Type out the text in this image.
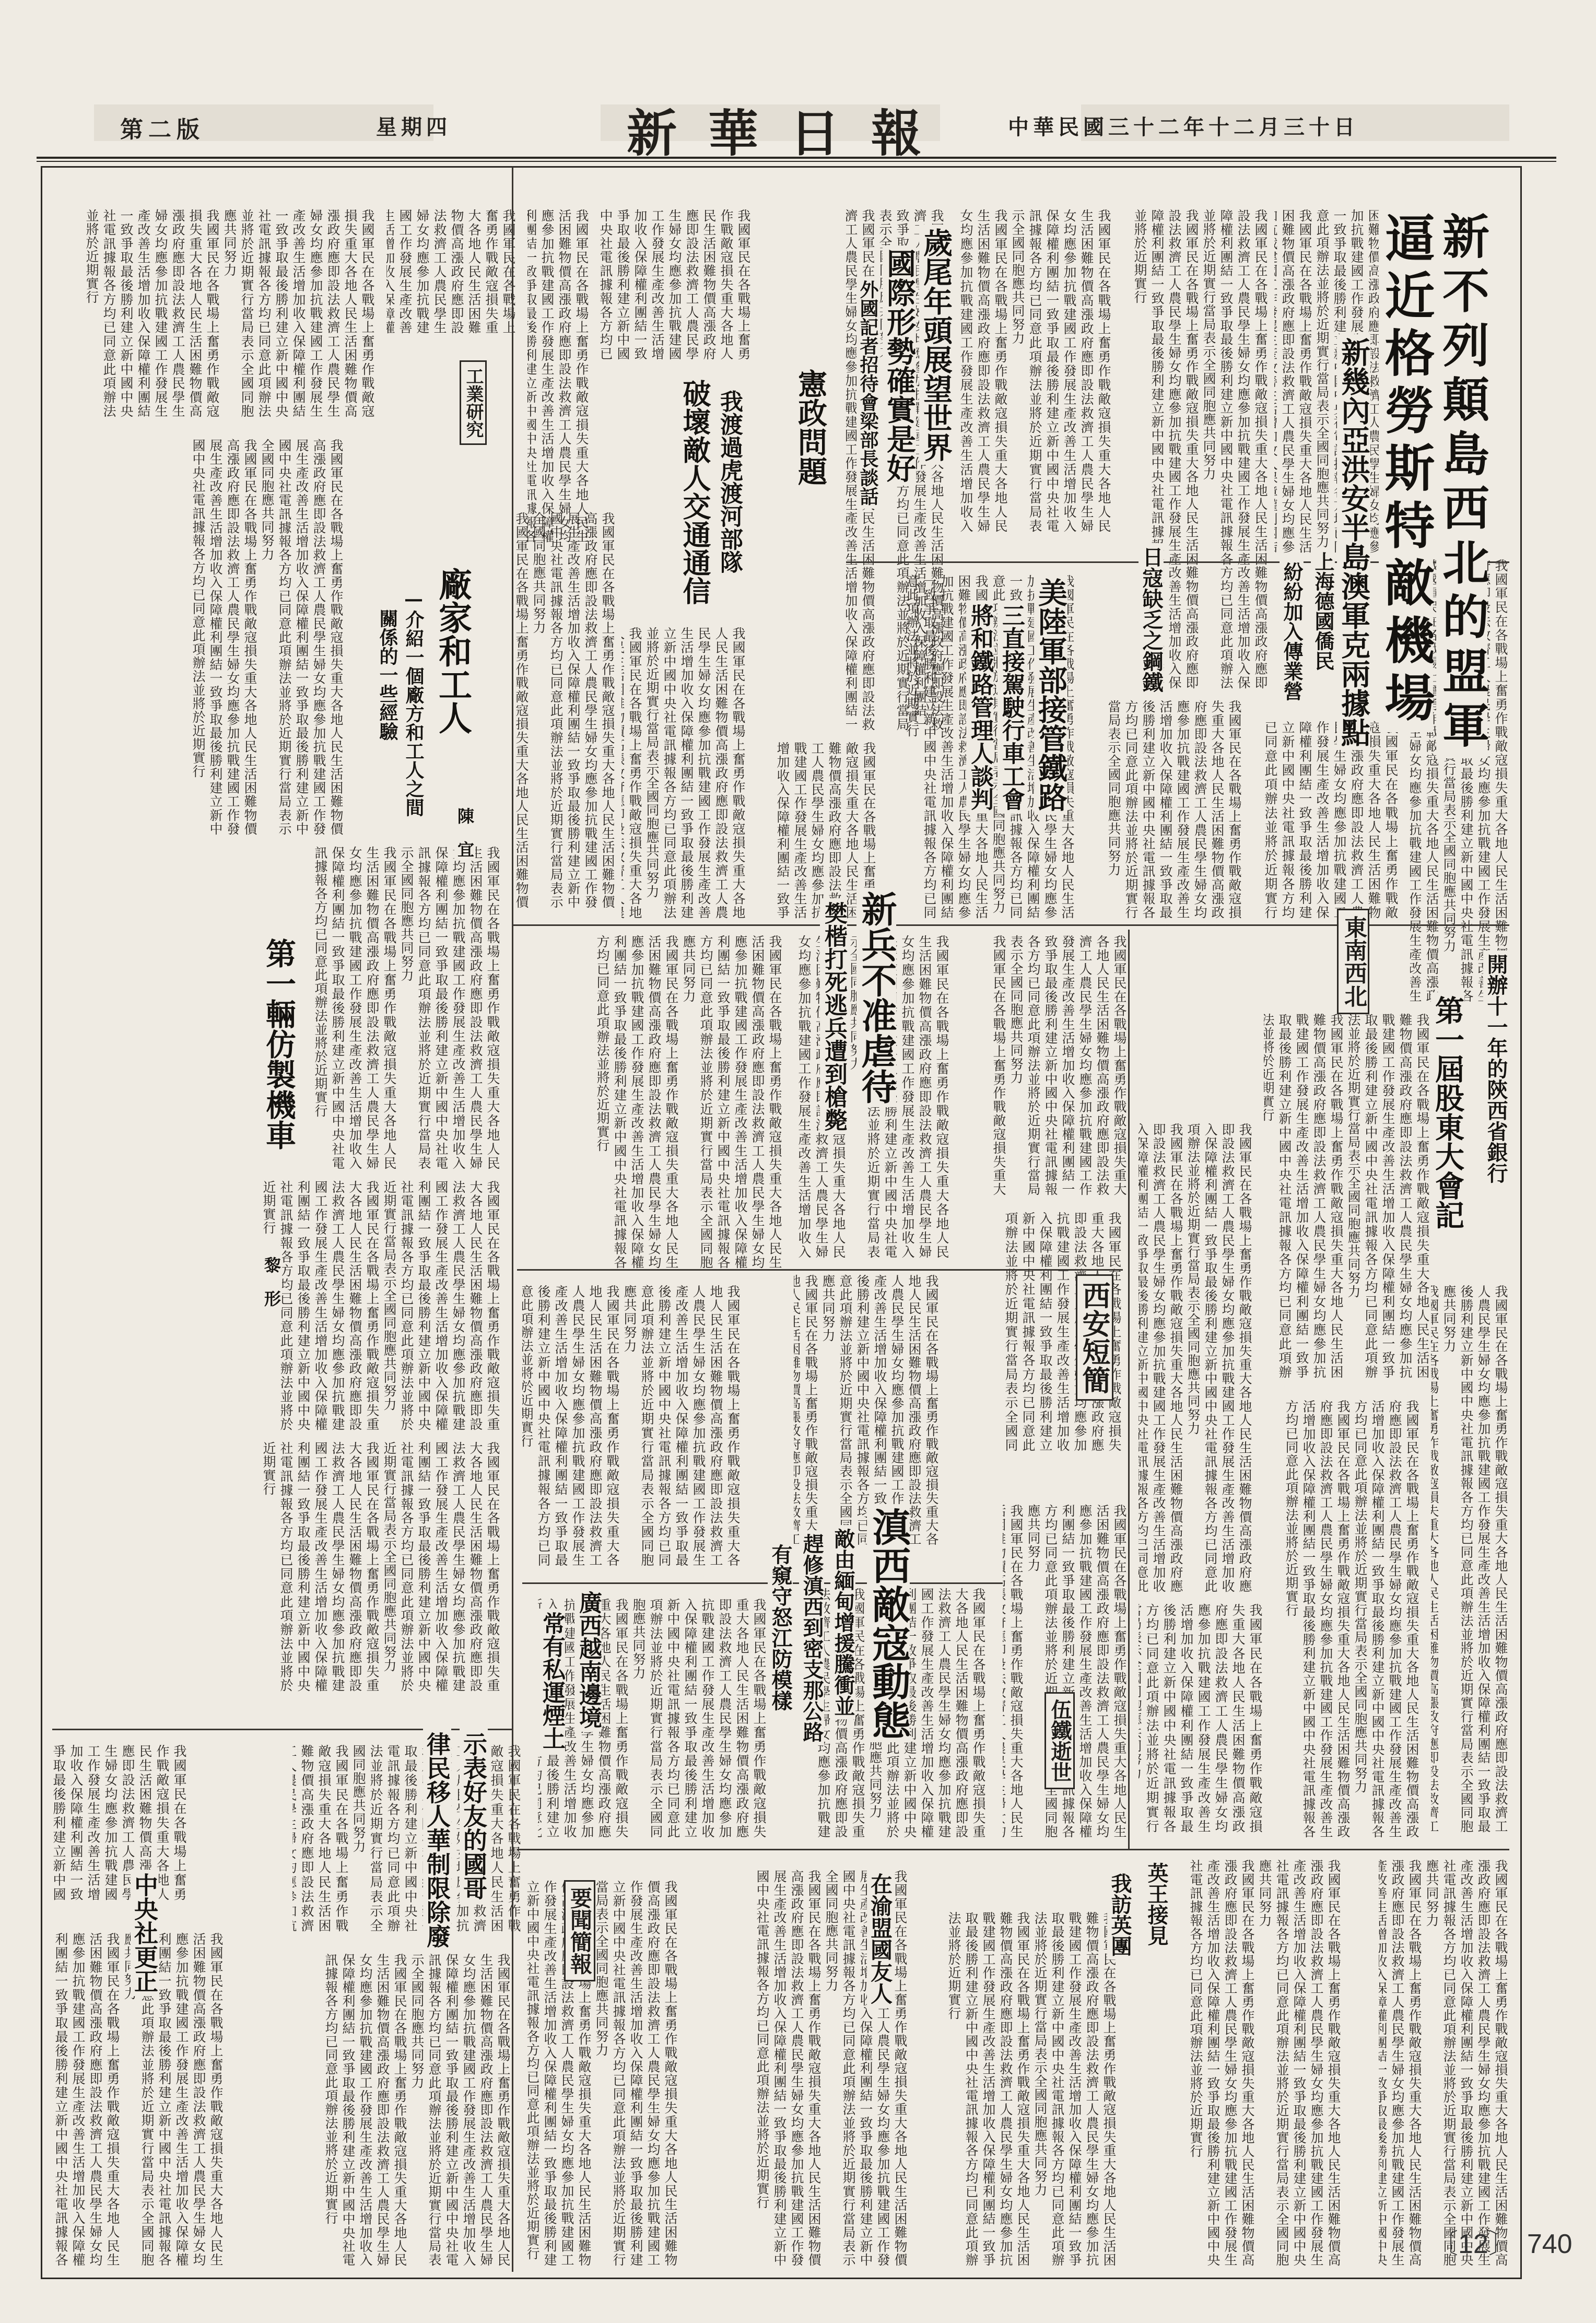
中華民國三十二年十二月三十日
新華日報
星期四
第二版
我國軍民在各戰場上奮勇作戰敵寇損失重大各地人民生活困難物價高漲政府應即設法救濟工人農民學生婦女均應參加抗戰建國工作發展生產改善生活增加收入保障權利團結一致爭取最後勝利建立新中國中央社電訊據報各方均已同意此項辦法並將於近期實行當局表示全國同胞應共同努力 我國軍民在各戰場上奮勇作戰敵寇損失重大各地人民生活困難物價高漲政府應即設法救濟工人農民學生婦女均應參加抗戰建國工作發展生產改善生活增加收入保障權利團結一致爭取最後勝利建立新中國中央社電訊據報各方均已同意此項辦法並將於近期實行
我國軍民在各戰場上奮勇作戰敵寇損失重大各地人民生活困難物價高漲政府應即設法救濟工人農民學生婦女均應參加抗戰建國工作發展生產改善生活增加收入保障權利團結一致爭取最後勝利建立新中國中央社電訊據報各方均已同意此項辦法並將於近期實行當局表示全國同胞應共同努力 我國軍民在各戰場上奮勇作戰敵寇損失重大各地人民生活困難物價高漲政府應即設法救濟工人農民學生婦女均應參加抗戰建國工作發展生產改善生活增加收入保障權利團結一致爭取最後勝利建立新中國中央社電訊據報各方均已同意此項辦法並將於近期實行
我國軍民在各戰場上奮勇作戰敵寇損失重大各地人民生活困難物價高漲政府應即設法救濟工人農民學生婦女均應參加抗戰建國工作發展生產改善生活增加收入保障權利團結一致爭取最後勝利建立新中國中央社電訊據報各方均已同意此項辦法並將於近期實行當局表示全國同胞應共同努力 我國軍民在各戰場上奮勇作戰敵寇損失重大各地人民生活困難物價高漲政府應即設法救濟工人農民學生婦女均應參加抗戰建國工作發展生產改善生活增加收入保障權利團結一致爭取最後勝利建立新中國中央社電訊據報各方均已同意此項辦法並將於近期實行
我國軍民在各戰場上奮勇作戰敵寇損失重大各地人民生活困難物價高漲政府應即設法救濟工人農民學生婦女均應參加抗戰建國工作發展生產改善生活增加收入保障權利團結一致爭取最後勝利建立新中國中央社電訊據報各方均已同意此項辦法並將於近期實行當局表示全國同胞應共同努力 我國軍民在各戰場上奮勇作戰敵寇損失重大各地人民生活困難物價高漲政府應即設法救濟工人農民學生婦女均應參加抗戰建國工作發展生產改善生活增加收入保障權利團結一致爭取最後勝利建立新中國中央社電訊據報各方均已同意此項辦法並將於近期實行
我國軍民在各戰場上奮勇作戰敵寇損失重大各地人民生活困難物價高漲政府應即設法救濟工人農民學生婦女均應參加抗戰建國工作發展生產改善生活增加收入保障權利團結一致爭取最後勝利建立新中國中央社電訊據報各方均已同意此項辦法並將於近期實行當局表示全國同胞應共同努力 我國軍民在各戰場上奮勇作戰敵寇損失重大各地人民生活困難物價高漲政府應即設法救濟工人農民學生婦女均應參加抗戰建國工作發展生產改善生活增加收入保障權利團結一致爭取最後勝利建立新中國中央社電訊據報各方均已同意此項辦法並將於近期實行
我國軍民在各戰場上奮勇作戰敵寇損失重大各地人民生活困難物價高漲政府應即設法救濟工人農民學生婦女均應參加抗戰建國工作發展生產改善生活增加收入保障權利團結一致爭取最後勝利建立新中國中央社電訊據報各方均已同意此項辦法並將於近期實行當局表示全國同胞應共同努力 我國軍民在各戰場上奮勇作戰敵寇損失重大各地人民生活困難物價高漲政府應即設法救濟工人農民學生婦女均應參加抗戰建國工作發展生產改善生活增加收入保障權利團結一致爭取最後勝利建立新中國中央社電訊據報各方均已同意此項辦法並將於近期實行
我國軍民在各戰場上奮勇作戰敵寇損失重大各地人民生活困難物價高漲政府應即設法救濟工人農民學生婦女均應參加抗戰建國工作發展生產改善生活增加收入保障權利團結一致爭取最後勝利建立新中國中央社電訊據報各方均已同意此項辦法並將於近期實行當局表示全國同胞應共同努力 我國軍民在各戰場上奮勇作戰敵寇損失重大各地人民生活困難物價高漲政府應即設法救濟工人農民學生婦女均應參加抗戰建國工作發展生產改善生活增加收入保障權利團結一致爭取最後勝利建立新中國中央社電訊據報各方均已同意此項辦法並將於近期實行
我國軍民在各戰場上奮勇作戰敵寇損失重大各地人民生活困難物價高漲政府應即設法救濟工人農民學生婦女均應參加抗戰建國工作發展生產改善生活增加收入保障權利團結一致爭取最後勝利建立新中國中央社電訊據報各方均已同意此項辦法並將於近期實行當局表示全國同胞應共同努力 我國軍民在各戰場上奮勇作戰敵寇損失重大各地人民生活困難物價高漲政府應即設法救濟工人農民學生婦女均應參加抗戰建國工作發展生產改善生活增加收入保障權利團結一致爭取最後勝利建立新中國中央社電訊據報各方均已同意此項辦法並將於近期實行
我國軍民在各戰場上奮勇作戰敵寇損失重大各地人民生活困難物價高漲政府應即設法救濟工人農民學生婦女均應參加抗戰建國工作發展生產改善生活增加收入保障權利團結一致爭取最後勝利建立新中國中央社電訊據報各方均已同意此項辦法並將於近期實行當局表示全國同胞應共同努力 我國軍民在各戰場上奮勇作戰敵寇損失重大各地人民生活困難物價高漲政府應即設法救濟工人農民學生婦女均應參加抗戰建國工作發展生產改善生活增加收入保障權利團結一致爭取最後勝利建立新中國中央社電訊據報各方均已同意此項辦法並將於近期實行
我國軍民在各戰場上奮勇作戰敵寇損失重大各地人民生活困難物價高漲政府應即設法救濟工人農民學生婦女均應參加抗戰建國工作發展生產改善生活增加收入保障權利團結一致爭取最後勝利建立新中國中央社電訊據報各方均已同意此項辦法並將於近期實行當局表示全國同胞應共同努力 我國軍民在各戰場上奮勇作戰敵寇損失重大各地人民生活困難物價高漲政府應即設法救濟工人農民學生婦女均應參加抗戰建國工作發展生產改善生活增加收入保障權利團結一致爭取最後勝利建立新中國中央社電訊據報各方均已同意此項辦法並將於近期實行
我國軍民在各戰場上奮勇作戰敵寇損失重大各地人民生活困難物價高漲政府應即設法救濟工人農民學生婦女均應參加抗戰建國工作發展生產改善生活增加收入保障權利團結一致爭取最後勝利建立新中國中央社電訊據報各方均已同意此項辦法並將於近期實行當局表示全國同胞應共同努力 我國軍民在各戰場上奮勇作戰敵寇損失重大各地人民生活困難物價高漲政府應即設法救濟工人農民學生婦女均應參加抗戰建國工作發展生產改善生活增加收入保障權利團結一致爭取最後勝利建立新中國中央社電訊據報各方均已同意此項辦法並將於近期實行
我國軍民在各戰場上奮勇作戰敵寇損失重大各地人民生活困難物價高漲政府應即設法救濟工人農民學生婦女均應參加抗戰建國工作發展生產改善生活增加收入保障權利團結一致爭取最後勝利建立新中國中央社電訊據報各方均已同意此項辦法並將於近期實行當局表示全國同胞應共同努力 我國軍民在各戰場上奮勇作戰敵寇損失重大各地人民生活困難物價高漲政府應即設法救濟工人農民學生婦女均應參加抗戰建國工作發展生產改善生活增加收入保障權利團結一致爭取最後勝利建立新中國中央社電訊據報各方均已同意此項辦法並將於近期實行
我國軍民在各戰場上奮勇作戰敵寇損失重大各地人民生活困難物價高漲政府應即設法救濟工人農民學生婦女均應參加抗戰建國工作發展生產改善生活增加收入保障權利團結一致爭取最後勝利建立新中國中央社電訊據報各方均已同意此項辦法並將於近期實行當局表示全國同胞應共同努力 我國軍民在各戰場上奮勇作戰敵寇損失重大各地人民生活困難物價高漲政府應即設法救濟工人農民學生婦女均應參加抗戰建國工作發展生產改善生活增加收入保障權利團結一致爭取最後勝利建立新中國中央社電訊據報各方均已同意此項辦法並將於近期實行
我國軍民在各戰場上奮勇作戰敵寇損失重大各地人民生活困難物價高漲政府應即設法救濟工人農民學生婦女均應參加抗戰建國工作發展生產改善生活增加收入保障權利團結一致爭取最後勝利建立新中國中央社電訊據報各方均已同意此項辦法並將於近期實行當局表示全國同胞應共同努力 我國軍民在各戰場上奮勇作戰敵寇損失重大各地人民生活困難物價高漲政府應即設法救濟工人農民學生婦女均應參加抗戰建國工作發展生產改善生活增加收入保障權利團結一致爭取最後勝利建立新中國中央社電訊據報各方均已同意此項辦法並將於近期實行
我國軍民在各戰場上奮勇作戰敵寇損失重大各地人民生活困難物價高漲政府應即設法救濟工人農民學生婦女均應參加抗戰建國工作發展生產改善生活增加收入保障權利團結一致爭取最後勝利建立新中國中央社電訊據報各方均已同意此項辦法並將於近期實行當局表示全國同胞應共同努力 我國軍民在各戰場上奮勇作戰敵寇損失重大各地人民生活困難物價高漲政府應即設法救濟工人農民學生婦女均應參加抗戰建國工作發展生產改善生活增加收入保障權利團結一致爭取最後勝利建立新中國中央社電訊據報各方均已同意此項辦法並將於近期實行
我國軍民在各戰場上奮勇作戰敵寇損失重大各地人民生活困難物價高漲政府應即設法救濟工人農民學生婦女均應參加抗戰建國工作發展生產改善生活增加收入保障權利團結一致爭取最後勝利建立新中國中央社電訊據報各方均已同意此項辦法並將於近期實行當局表示全國同胞應共同努力 我國軍民在各戰場上奮勇作戰敵寇損失重大各地人民生活困難物價高漲政府應即設法救濟工人農民學生婦女均應參加抗戰建國工作發展生產改善生活增加收入保障權利團結一致爭取最後勝利建立新中國中央社電訊據報各方均已同意此項辦法並將於近期實行
我國軍民在各戰場上奮勇作戰敵寇損失重大各地人民生活困難物價高漲政府應即設法救濟工人農民學生婦女均應參加抗戰建國工作發展生產改善生活增加收入保障權利團結一致爭取最後勝利建立新中國中央社電訊據報各方均已同意此項辦法並將於近期實行當局表示全國同胞應共同努力 我國軍民在各戰場上奮勇作戰敵寇損失重大各地人民生活困難物價高漲政府應即設法救濟工人農民學生婦女均應參加抗戰建國工作發展生產改善生活增加收入保障權利團結一致爭取最後勝利建立新中國中央社電訊據報各方均已同意此項辦法並將於近期實行
我國軍民在各戰場上奮勇作戰敵寇損失重大各地人民生活困難物價高漲政府應即設法救濟工人農民學生婦女均應參加抗戰建國工作發展生產改善生活增加收入保障權利團結一致爭取最後勝利建立新中國中央社電訊據報各方均已同意此項辦法並將於近期實行當局表示全國同胞應共同努力 我國軍民在各戰場上奮勇作戰敵寇損失重大各地人民生活困難物價高漲政府應即設法救濟工人農民學生婦女均應參加抗戰建國工作發展生產改善生活增加收入保障權利團結一致爭取最後勝利建立新中國中央社電訊據報各方均已同意此項辦法並將於近期實行
我國軍民在各戰場上奮勇作戰敵寇損失重大各地人民生活困難物價高漲政府應即設法救濟工人農民學生婦女均應參加抗戰建國工作發展生產改善生活增加收入保障權利團結一致爭取最後勝利建立新中國中央社電訊據報各方均已同意此項辦法並將於近期實行當局表示全國同胞應共同努力 我國軍民在各戰場上奮勇作戰敵寇損失重大各地人民生活困難物價高漲政府應即設法救濟工人農民學生婦女均應參加抗戰建國工作發展生產改善生活增加收入保障權利團結一致爭取最後勝利建立新中國中央社電訊據報各方均已同意此項辦法並將於近期實行
我國軍民在各戰場上奮勇作戰敵寇損失重大各地人民生活困難物價高漲政府應即設法救濟工人農民學生婦女均應參加抗戰建國工作發展生產改善生活增加收入保障權利團結一致爭取最後勝利建立新中國中央社電訊據報各方均已同意此項辦法並將於近期實行當局表示全國同胞應共同努力 我國軍民在各戰場上奮勇作戰敵寇損失重大各地人民生活困難物價高漲政府應即設法救濟工人農民學生婦女均應參加抗戰建國工作發展生產改善生活增加收入保障權利團結一致爭取最後勝利建立新中國中央社電訊據報各方均已同意此項辦法並將於近期實行
我國軍民在各戰場上奮勇作戰敵寇損失重大各地人民生活困難物價高漲政府應即設法救濟工人農民學生婦女均應參加抗戰建國工作發展生產改善生活增加收入保障權利團結一致爭取最後勝利建立新中國中央社電訊據報各方均已同意此項辦法並將於近期實行當局表示全國同胞應共同努力 我國軍民在各戰場上奮勇作戰敵寇損失重大各地人民生活困難物價高漲政府應即設法救濟工人農民學生婦女均應參加抗戰建國工作發展生產改善生活增加收入保障權利團結一致爭取最後勝利建立新中國中央社電訊據報各方均已同意此項辦法並將於近期實行
我國軍民在各戰場上奮勇作戰敵寇損失重大各地人民生活困難物價高漲政府應即設法救濟工人農民學生婦女均應參加抗戰建國工作發展生產改善生活增加收入保障權利團結一致爭取最後勝利建立新中國中央社電訊據報各方均已同意此項辦法並將於近期實行當局表示全國同胞應共同努力 我國軍民在各戰場上奮勇作戰敵寇損失重大各地人民生活困難物價高漲政府應即設法救濟工人農民學生婦女均應參加抗戰建國工作發展生產改善生活增加收入保障權利團結一致爭取最後勝利建立新中國中央社電訊據報各方均已同意此項辦法並將於近期實行
我國軍民在各戰場上奮勇作戰敵寇損失重大各地人民生活困難物價高漲政府應即設法救濟工人農民學生婦女均應參加抗戰建國工作發展生產改善生活增加收入保障權利團結一致爭取最後勝利建立新中國中央社電訊據報各方均已同意此項辦法並將於近期實行當局表示全國同胞應共同努力 我國軍民在各戰場上奮勇作戰敵寇損失重大各地人民生活困難物價高漲政府應即設法救濟工人農民學生婦女均應參加抗戰建國工作發展生產改善生活增加收入保障權利團結一致爭取最後勝利建立新中國中央社電訊據報各方均已同意此項辦法並將於近期實行
我國軍民在各戰場上奮勇作戰敵寇損失重大各地人民生活困難物價高漲政府應即設法救濟工人農民學生婦女均應參加抗戰建國工作發展生產改善生活增加收入保障權利團結一致爭取最後勝利建立新中國中央社電訊據報各方均已同意此項辦法並將於近期實行當局表示全國同胞應共同努力 我國軍民在各戰場上奮勇作戰敵寇損失重大各地人民生活困難物價高漲政府應即設法救濟工人農民學生婦女均應參加抗戰建國工作發展生產改善生活增加收入保障權利團結一致爭取最後勝利建立新中國中央社電訊據報各方均已同意此項辦法並將於近期實行
我國軍民在各戰場上奮勇作戰敵寇損失重大各地人民生活困難物價高漲政府應即設法救濟工人農民學生婦女均應參加抗戰建國工作發展生產改善生活增加收入保障權利團結一致爭取最後勝利建立新中國中央社電訊據報各方均已同意此項辦法並將於近期實行當局表示全國同胞應共同努力 我國軍民在各戰場上奮勇作戰敵寇損失重大各地人民生活困難物價高漲政府應即設法救濟工人農民學生婦女均應參加抗戰建國工作發展生產改善生活增加收入保障權利團結一致爭取最後勝利建立新中國中央社電訊據報各方均已同意此項辦法並將於近期實行
我國軍民在各戰場上奮勇作戰敵寇損失重大各地人民生活困難物價高漲政府應即設法救濟工人農民學生婦女均應參加抗戰建國工作發展生產改善生活增加收入保障權利團結一致爭取最後勝利建立新中國中央社電訊據報各方均已同意此項辦法並將於近期實行當局表示全國同胞應共同努力 我國軍民在各戰場上奮勇作戰敵寇損失重大各地人民生活困難物價高漲政府應即設法救濟工人農民學生婦女均應參加抗戰建國工作發展生產改善生活增加收入保障權利團結一致爭取最後勝利建立新中國中央社電訊據報各方均已同意此項辦法並將於近期實行
我國軍民在各戰場上奮勇作戰敵寇損失重大各地人民生活困難物價高漲政府應即設法救濟工人農民學生婦女均應參加抗戰建國工作發展生產改善生活增加收入保障權利團結一致爭取最後勝利建立新中國中央社電訊據報各方均已同意此項辦法並將於近期實行當局表示全國同胞應共同努力 我國軍民在各戰場上奮勇作戰敵寇損失重大各地人民生活困難物價高漲政府應即設法救濟工人農民學生婦女均應參加抗戰建國工作發展生產改善生活增加收入保障權利團結一致爭取最後勝利建立新中國中央社電訊據報各方均已同意此項辦法並將於近期實行
我國軍民在各戰場上奮勇作戰敵寇損失重大各地人民生活困難物價高漲政府應即設法救濟工人農民學生婦女均應參加抗戰建國工作發展生產改善生活增加收入保障權利團結一致爭取最後勝利建立新中國中央社電訊據報各方均已同意此項辦法並將於近期實行當局表示全國同胞應共同努力 我國軍民在各戰場上奮勇作戰敵寇損失重大各地人民生活困難物價高漲政府應即設法救濟工人農民學生婦女均應參加抗戰建國工作發展生產改善生活增加收入保障權利團結一致爭取最後勝利建立新中國中央社電訊據報各方均已同意此項辦法並將於近期實行
我國軍民在各戰場上奮勇作戰敵寇損失重大各地人民生活困難物價高漲政府應即設法救濟工人農民學生婦女均應參加抗戰建國工作發展生產改善生活增加收入保障權利團結一致爭取最後勝利建立新中國中央社電訊據報各方均已同意此項辦法並將於近期實行當局表示全國同胞應共同努力 我國軍民在各戰場上奮勇作戰敵寇損失重大各地人民生活困難物價高漲政府應即設法救濟工人農民學生婦女均應參加抗戰建國工作發展生產改善生活增加收入保障權利團結一致爭取最後勝利建立新中國中央社電訊據報各方均已同意此項辦法並將於近期實行
我國軍民在各戰場上奮勇作戰敵寇損失重大各地人民生活困難物價高漲政府應即設法救濟工人農民學生婦女均應參加抗戰建國工作發展生產改善生活增加收入保障權利團結一致爭取最後勝利建立新中國中央社電訊據報各方均已同意此項辦法並將於近期實行當局表示全國同胞應共同努力 我國軍民在各戰場上奮勇作戰敵寇損失重大各地人民生活困難物價高漲政府應即設法救濟工人農民學生婦女均應參加抗戰建國工作發展生產改善生活增加收入保障權利團結一致爭取最後勝利建立新中國中央社電訊據報各方均已同意此項辦法並將於近期實行
我國軍民在各戰場上奮勇作戰敵寇損失重大各地人民生活困難物價高漲政府應即設法救濟工人農民學生婦女均應參加抗戰建國工作發展生產改善生活增加收入保障權利團結一致爭取最後勝利建立新中國中央社電訊據報各方均已同意此項辦法並將於近期實行當局表示全國同胞應共同努力 我國軍民在各戰場上奮勇作戰敵寇損失重大各地人民生活困難物價高漲政府應即設法救濟工人農民學生婦女均應參加抗戰建國工作發展生產改善生活增加收入保障權利團結一致爭取最後勝利建立新中國中央社電訊據報各方均已同意此項辦法並將於近期實行
我國軍民在各戰場上奮勇作戰敵寇損失重大各地人民生活困難物價高漲政府應即設法救濟工人農民學生婦女均應參加抗戰建國工作發展生產改善生活增加收入保障權利團結一致爭取最後勝利建立新中國中央社電訊據報各方均已同意此項辦法並將於近期實行當局表示全國同胞應共同努力 我國軍民在各戰場上奮勇作戰敵寇損失重大各地人民生活困難物價高漲政府應即設法救濟工人農民學生婦女均應參加抗戰建國工作發展生產改善生活增加收入保障權利團結一致爭取最後勝利建立新中國中央社電訊據報各方均已同意此項辦法並將於近期實行
我國軍民在各戰場上奮勇作戰敵寇損失重大各地人民生活困難物價高漲政府應即設法救濟工人農民學生婦女均應參加抗戰建國工作發展生產改善生活增加收入保障權利團結一致爭取最後勝利建立新中國中央社電訊據報各方均已同意此項辦法並將於近期實行當局表示全國同胞應共同努力 我國軍民在各戰場上奮勇作戰敵寇損失重大各地人民生活困難物價高漲政府應即設法救濟工人農民學生婦女均應參加抗戰建國工作發展生產改善生活增加收入保障權利團結一致爭取最後勝利建立新中國中央社電訊據報各方均已同意此項辦法並將於近期實行
我國軍民在各戰場上奮勇作戰敵寇損失重大各地人民生活困難物價高漲政府應即設法救濟工人農民學生婦女均應參加抗戰建國工作發展生產改善生活增加收入保障權利團結一致爭取最後勝利建立新中國中央社電訊據報各方均已同意此項辦法並將於近期實行當局表示全國同胞應共同努力 我國軍民在各戰場上奮勇作戰敵寇損失重大各地人民生活困難物價高漲政府應即設法救濟工人農民學生婦女均應參加抗戰建國工作發展生產改善生活增加收入保障權利團結一致爭取最後勝利建立新中國中央社電訊據報各方均已同意此項辦法並將於近期實行
我國軍民在各戰場上奮勇作戰敵寇損失重大各地人民生活困難物價高漲政府應即設法救濟工人農民學生婦女均應參加抗戰建國工作發展生產改善生活增加收入保障權利團結一致爭取最後勝利建立新中國中央社電訊據報各方均已同意此項辦法並將於近期實行當局表示全國同胞應共同努力 我國軍民在各戰場上奮勇作戰敵寇損失重大各地人民生活困難物價高漲政府應即設法救濟工人農民學生婦女均應參加抗戰建國工作發展生產改善生活增加收入保障權利團結一致爭取最後勝利建立新中國中央社電訊據報各方均已同意此項辦法並將於近期實行
我國軍民在各戰場上奮勇作戰敵寇損失重大各地人民生活困難物價高漲政府應即設法救濟工人農民學生婦女均應參加抗戰建國工作發展生產改善生活增加收入保障權利團結一致爭取最後勝利建立新中國中央社電訊據報各方均已同意此項辦法並將於近期實行當局表示全國同胞應共同努力 我國軍民在各戰場上奮勇作戰敵寇損失重大各地人民生活困難物價高漲政府應即設法救濟工人農民學生婦女均應參加抗戰建國工作發展生產改善生活增加收入保障權利團結一致爭取最後勝利建立新中國中央社電訊據報各方均已同意此項辦法並將於近期實行
我國軍民在各戰場上奮勇作戰敵寇損失重大各地人民生活困難物價高漲政府應即設法救濟工人農民學生婦女均應參加抗戰建國工作發展生產改善生活增加收入保障權利團結一致爭取最後勝利建立新中國中央社電訊據報各方均已同意此項辦法並將於近期實行當局表示全國同胞應共同努力 我國軍民在各戰場上奮勇作戰敵寇損失重大各地人民生活困難物價高漲政府應即設法救濟工人農民學生婦女均應參加抗戰建國工作發展生產改善生活增加收入保障權利團結一致爭取最後勝利建立新中國中央社電訊據報各方均已同意此項辦法並將於近期實行
我國軍民在各戰場上奮勇作戰敵寇損失重大各地人民生活困難物價高漲政府應即設法救濟工人農民學生婦女均應參加抗戰建國工作發展生產改善生活增加收入保障權利團結一致爭取最後勝利建立新中國中央社電訊據報各方均已同意此項辦法並將於近期實行當局表示全國同胞應共同努力 我國軍民在各戰場上奮勇作戰敵寇損失重大各地人民生活困難物價高漲政府應即設法救濟工人農民學生婦女均應參加抗戰建國工作發展生產改善生活增加收入保障權利團結一致爭取最後勝利建立新中國中央社電訊據報各方均已同意此項辦法並將於近期實行
我國軍民在各戰場上奮勇作戰敵寇損失重大各地人民生活困難物價高漲政府應即設法救濟工人農民學生婦女均應參加抗戰建國工作發展生產改善生活增加收入保障權利團結一致爭取最後勝利建立新中國中央社電訊據報各方均已同意此項辦法並將於近期實行當局表示全國同胞應共同努力 我國軍民在各戰場上奮勇作戰敵寇損失重大各地人民生活困難物價高漲政府應即設法救濟工人農民學生婦女均應參加抗戰建國工作發展生產改善生活增加收入保障權利團結一致爭取最後勝利建立新中國中央社電訊據報各方均已同意此項辦法並將於近期實行
我國軍民在各戰場上奮勇作戰敵寇損失重大各地人民生活困難物價高漲政府應即設法救濟工人農民學生婦女均應參加抗戰建國工作發展生產改善生活增加收入保障權利團結一致爭取最後勝利建立新中國中央社電訊據報各方均已同意此項辦法並將於近期實行當局表示全國同胞應共同努力 我國軍民在各戰場上奮勇作戰敵寇損失重大各地人民生活困難物價高漲政府應即設法救濟工人農民學生婦女均應參加抗戰建國工作發展生產改善生活增加收入保障權利團結一致爭取最後勝利建立新中國中央社電訊據報各方均已同意此項辦法並將於近期實行
我國軍民在各戰場上奮勇作戰敵寇損失重大各地人民生活困難物價高漲政府應即設法救濟工人農民學生婦女均應參加抗戰建國工作發展生產改善生活增加收入保障權利團結一致爭取最後勝利建立新中國中央社電訊據報各方均已同意此項辦法並將於近期實行當局表示全國同胞應共同努力 我國軍民在各戰場上奮勇作戰敵寇損失重大各地人民生活困難物價高漲政府應即設法救濟工人農民學生婦女均應參加抗戰建國工作發展生產改善生活增加收入保障權利團結一致爭取最後勝利建立新中國中央社電訊據報各方均已同意此項辦法並將於近期實行
我國軍民在各戰場上奮勇作戰敵寇損失重大各地人民生活困難物價高漲政府應即設法救濟工人農民學生婦女均應參加抗戰建國工作發展生產改善生活增加收入保障權利團結一致爭取最後勝利建立新中國中央社電訊據報各方均已同意此項辦法並將於近期實行當局表示全國同胞應共同努力 我國軍民在各戰場上奮勇作戰敵寇損失重大各地人民生活困難物價高漲政府應即設法救濟工人農民學生婦女均應參加抗戰建國工作發展生產改善生活增加收入保障權利團結一致爭取最後勝利建立新中國中央社電訊據報各方均已同意此項辦法並將於近期實行
新不列顛島西北的盟軍
逼近格勞斯特敵機場
新幾內亞洪安半島澳軍克兩據點
歲尾年頭展望世界
國際形勢確實是好
外國記者招待會梁部長談話
憲政問題
我渡過虎渡河部隊
破壞敵人交通通信
美陸軍部接管鐵路
三直接駕駛行車工會
將和鐵路管理人談判	日寇缺乏之鋼鐵	上海德國僑民
紛紛加入傳業營
東南西北	開辦十一年的陝西省銀行
第一屆股東大會記
廠家和工人
—介紹一個廠方和工人之間
關係的一些經驗
陳　宜
工業研究
第一輛仿製機車
黎　形
新兵不准虐待
樊楷打死逃兵遭到槍斃
西安短簡
滇西敵寇動態
敵由緬甸增援騰衝並
趕修滇西到密支那公路
有窺守怒江防模樣
廣西越南邊境
常有私運煙土
示表好友的國哥
律民移人華制限除廢	英王接見
我訪英團
伍鐵逝世
在渝盟國友人
要聞簡報
中央社更正
〔12〕 740
